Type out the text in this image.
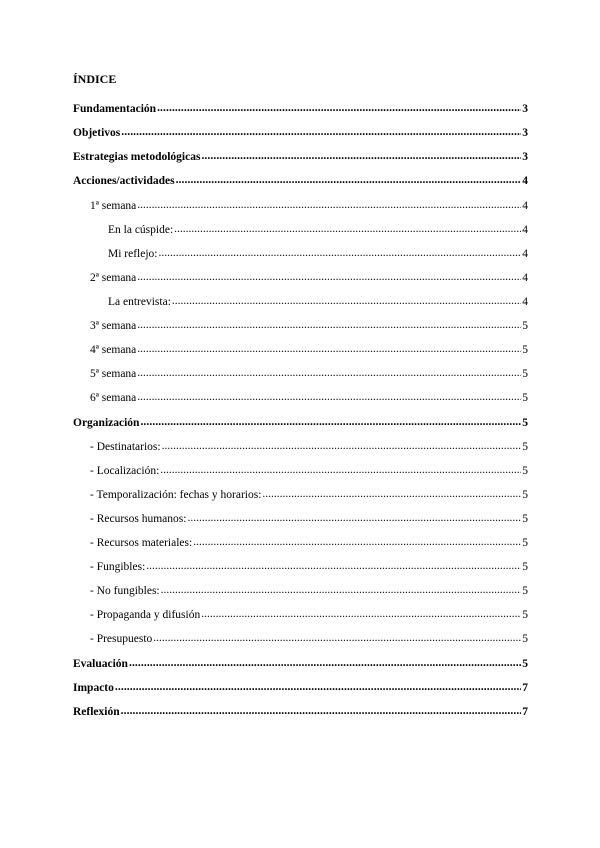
ÍNDICE
Fundamentación .....	3
Objetivos .....	3
Estrategias metodológicas .....	3
Acciones/actividades .....	4
1ª semana .....	4
En la cúspide: .....	4
Mi reflejo: .....	4
2ª semana .....	4
La entrevista: .....	4
3ª semana .....	5
4ª semana .....	5
5ª semana .....	5
6ª semana .....	5
Organización .....	5
- Destinatarios: .....	5
- Localización: .....	5
- Temporalización: fechas y horarios: .....	5
- Recursos humanos: .....	5
- Recursos materiales: .....	5
- Fungibles: .....	5
- No fungibles: .....	5
- Propaganda y difusión .....	5
- Presupuesto .....	5
Evaluación .....	5
Impacto .....	7
Reflexión .....	7
